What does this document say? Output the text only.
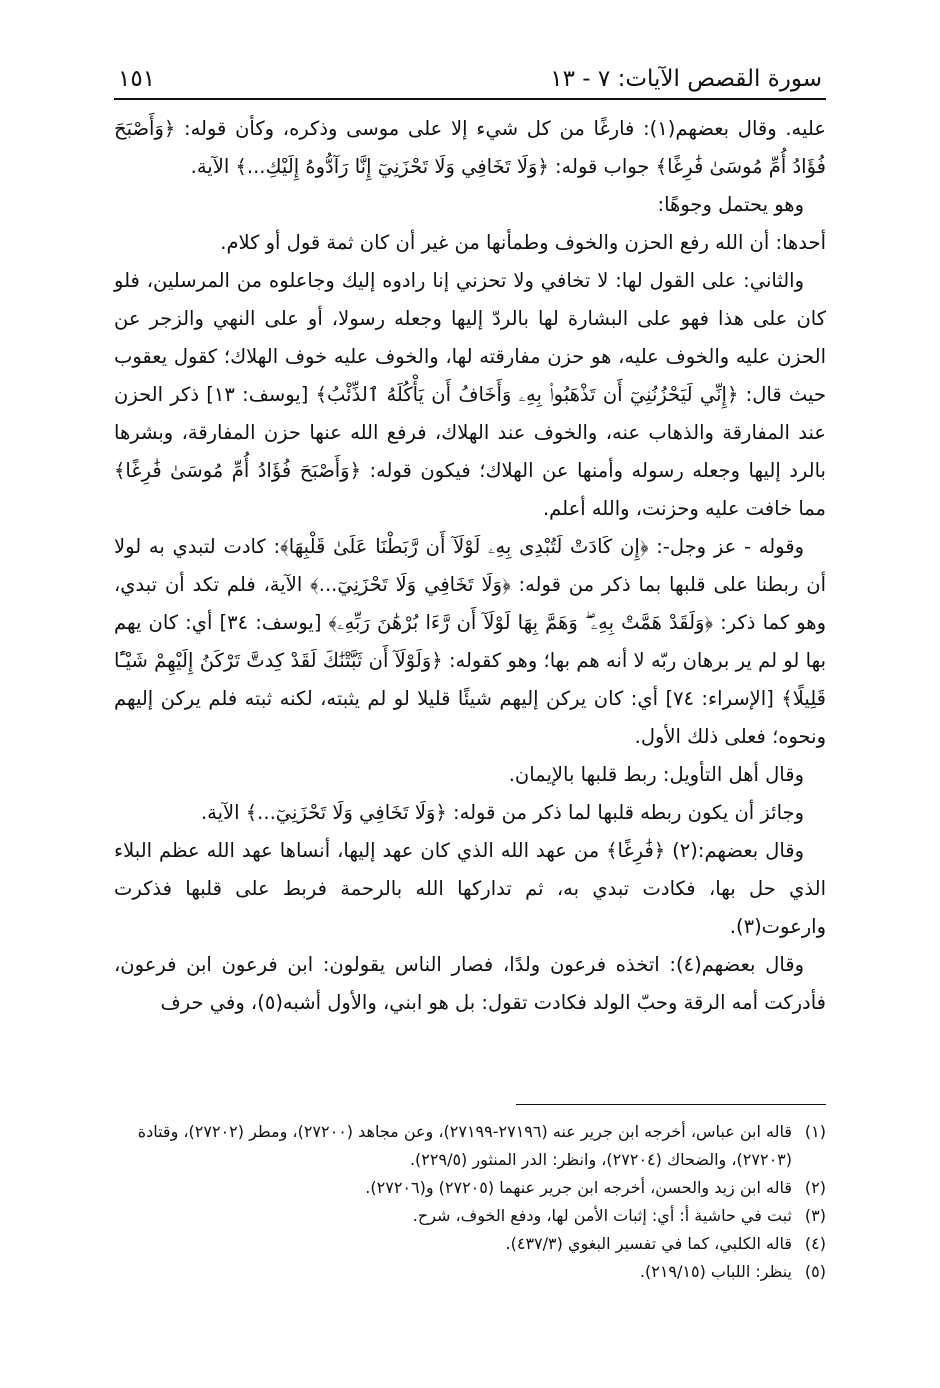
سورة القصص الآيات: ٧ - ١٣
١٥١

عليه. وقال بعضهم(١): فارغًا من كل شيء إلا على موسى وذكره، وكأن قوله: ﴿وَأَصْبَحَ فُؤَادُ أُمِّ مُوسَىٰ فَٰرِغًا﴾ جواب قوله: ﴿وَلَا تَخَافِي وَلَا تَحْزَنِيٓ إِنَّا رَآدُّوهُ إِلَيْكِ...﴾ الآية.

وهو يحتمل وجوهًا:

أحدها: أن الله رفع الحزن والخوف وطمأنها من غير أن كان ثمة قول أو كلام.

والثاني: على القول لها: لا تخافي ولا تحزني إنا رادوه إليك وجاعلوه من المرسلين، فلو كان على هذا فهو على البشارة لها بالردّ إليها وجعله رسولا، أو على النهي والزجر عن الحزن عليه والخوف عليه، هو حزن مفارقته لها، والخوف عليه خوف الهلاك؛ كقول يعقوب حيث قال: ﴿إِنِّي لَيَحْزُنُنِيٓ أَن تَذْهَبُوا۟ بِهِۦ وَأَخَافُ أَن يَأْكُلَهُ ٱلذِّئْبُ﴾ [يوسف: ١٣] ذكر الحزن عند المفارقة والذهاب عنه، والخوف عند الهلاك، فرفع الله عنها حزن المفارقة، وبشرها بالرد إليها وجعله رسوله وأمنها عن الهلاك؛ فيكون قوله: ﴿وَأَصْبَحَ فُؤَادُ أُمِّ مُوسَىٰ فَٰرِغًا﴾ مما خافت عليه وحزنت، والله أعلم.

وقوله - عز وجل-: ﴿إِن كَادَتْ لَتُبْدِى بِهِۦ لَوْلَآ أَن رَّبَطْنَا عَلَىٰ قَلْبِهَا﴾: كادت لتبدي به لولا أن ربطنا على قلبها بما ذكر من قوله: ﴿وَلَا تَخَافِي وَلَا تَحْزَنِيٓ...﴾ الآية، فلم تكد أن تبدي، وهو كما ذكر: ﴿وَلَقَدْ هَمَّتْ بِهِۦ ۖ وَهَمَّ بِهَا لَوْلَآ أَن رَّءَا بُرْهَٰنَ رَبِّهِۦ﴾ [يوسف: ٣٤] أي: كان يهم بها لو لم ير برهان ربّه لا أنه هم بها؛ وهو كقوله: ﴿وَلَوْلَآ أَن ثَبَّتْنَٰكَ لَقَدْ كِدتَّ تَرْكَنُ إِلَيْهِمْ شَيْـًٔا قَلِيلًا﴾ [الإسراء: ٧٤] أي: كان يركن إليهم شيئًا قليلا لو لم يثبته، لكنه ثبته فلم يركن إليهم ونحوه؛ فعلى ذلك الأول.

وقال أهل التأويل: ربط قلبها بالإيمان.

وجائز أن يكون ربطه قلبها لما ذكر من قوله: ﴿وَلَا تَخَافِي وَلَا تَحْزَنِيٓ...﴾ الآية.

وقال بعضهم:(٢) ﴿فَٰرِغًا﴾ من عهد الله الذي كان عهد إليها، أنساها عهد الله عظم البلاء الذي حل بها، فكادت تبدي به، ثم تداركها الله بالرحمة فربط على قلبها فذكرت وارعوت(٣).

وقال بعضهم(٤): اتخذه فرعون ولدًا، فصار الناس يقولون: ابن فرعون ابن فرعون، فأدركت أمه الرقة وحبّ الولد فكادت تقول: بل هو ابني، والأول أشبه(٥)، وفي حرف

(١)
قاله ابن عباس، أخرجه ابن جرير عنه (٢٧١٩٦-٢٧١٩٩)، وعن مجاهد (٢٧٢٠٠)، ومطر (٢٧٢٠٢)، وقتادة (٢٧٢٠٣)، والضحاك (٢٧٢٠٤)، وانظر: الدر المنثور (٢٢٩/٥).
(٢)
قاله ابن زيد والحسن، أخرجه ابن جرير عنهما (٢٧٢٠٥) و(٢٧٢٠٦).
(٣)
ثبت في حاشية أ: أي: إثبات الأمن لها، ودفع الخوف، شرح.
(٤)
قاله الكلبي، كما في تفسير البغوي (٤٣٧/٣).
(٥)
ينظر: اللباب (٢١٩/١٥).
